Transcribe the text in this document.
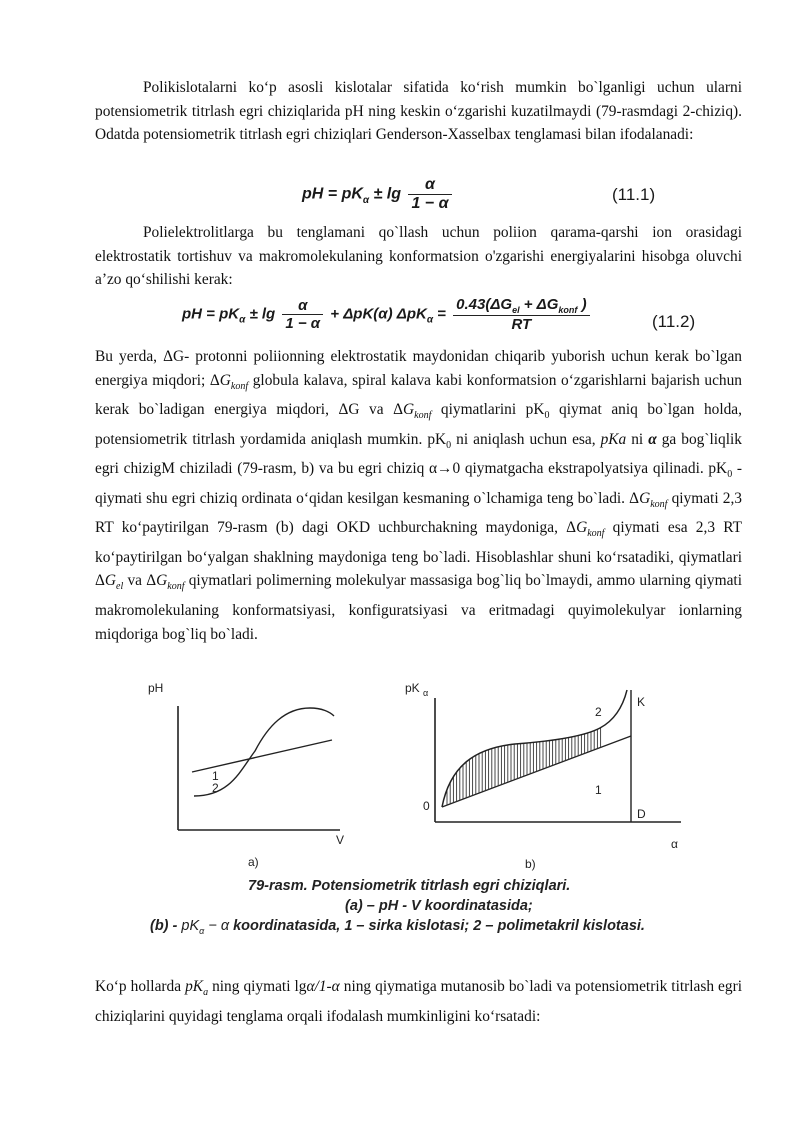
Polikislotalarni ko‘p asosli kislotalar sifatida ko‘rish mumkin bo`lganligi uchun ularni potensiometrik titrlash egri chiziqlarida pH ning keskin o‘zgarishi kuzatilmaydi (79-rasmdagi 2-chiziq). Odatda potensiometrik titrlash egri chiziqlari Genderson-Xasselbax tenglamasi bilan ifodalanadi:

pH = $pK_\alpha \pm \lg \frac{\alpha}{1 - \alpha}$	(11.1)

Polielektrolitlarga bu tenglamani qo`llash uchun poliion qarama-qarshi ion orasidagi elektrostatik tortishuv va makromolekulaning konformatsion o'zgarishi energiyalarini hisobga oluvchi a’zo qo‘shilishi kerak:

pH = $pK_\alpha \pm \lg \frac{\alpha}{1 - \alpha} + \Delta pK(\alpha) \Delta pK_\alpha = \frac{0.43(\Delta G_{el} + \Delta G_{konf} )}{RT}$	(11.2)

Bu yerda, ΔG- protonni poliionning elektrostatik maydonidan chiqarib yuborish uchun kerak bo`lgan energiya miqdori; $\Delta G_{konf}$ globula kalava, spiral kalava kabi konformatsion o‘zgarishlarni bajarish uchun kerak bo`ladigan energiya miqdori, ΔG va $\Delta G_{konf}$ qiymatlarini $pK_0$ qiymat aniq bo`lgan holda, potensiometrik titrlash yordamida aniqlash mumkin. $pK_0$ ni aniqlash uchun esa, pKa ni α ga bog`liqlik egri chizigM chiziladi (79-rasm, b) va bu egri chiziq α→0 qiymatgacha ekstrapolyatsiya qilinadi. $pK_0$ - qiymati shu egri chiziq ordinata o‘qidan kesilgan kesmaning o`lchamiga teng bo`ladi. $\Delta G_{konf}$ qiymati 2,3 RT ko‘paytirilgan 79-rasm (b) dagi OKD uchburchakning maydoniga, $\Delta G_{konf}$ qiymati esa 2,3 RT ko‘paytirilgan bo‘yalgan shaklning maydoniga teng bo`ladi. Hisoblashlar shuni ko‘rsatadiki, qiymatlari $\Delta G_{el}$ va $\Delta G_{konf}$ qiymatlari polimerning molekulyar massasiga bog`liq bo`lmaydi, ammo ularning qiymati makromolekulaning konformatsiyasi, konfiguratsiyasi va eritmadagi quyimolekulyar ionlarning miqdoriga bog`liq bo`ladi.

pH
V
1
2
a)
pK α
0
K
D
1
2
α
b)
79-rasm. Potensiometrik titrlash egri chiziqlari.
(a) – pH - V koordinatasida;
$(b) - pK_\alpha - \alpha$ koordinatasida, 1 – sirka kislotasi; 2 – polimetakril kislotasi.

Ko‘p hollarda $pK_a$ ning qiymati lgα/1-α ning qiymatiga mutanosib bo`ladi va potensiometrik titrlash egri chiziqlarini quyidagi tenglama orqali ifodalash mumkinligini ko‘rsatadi:
